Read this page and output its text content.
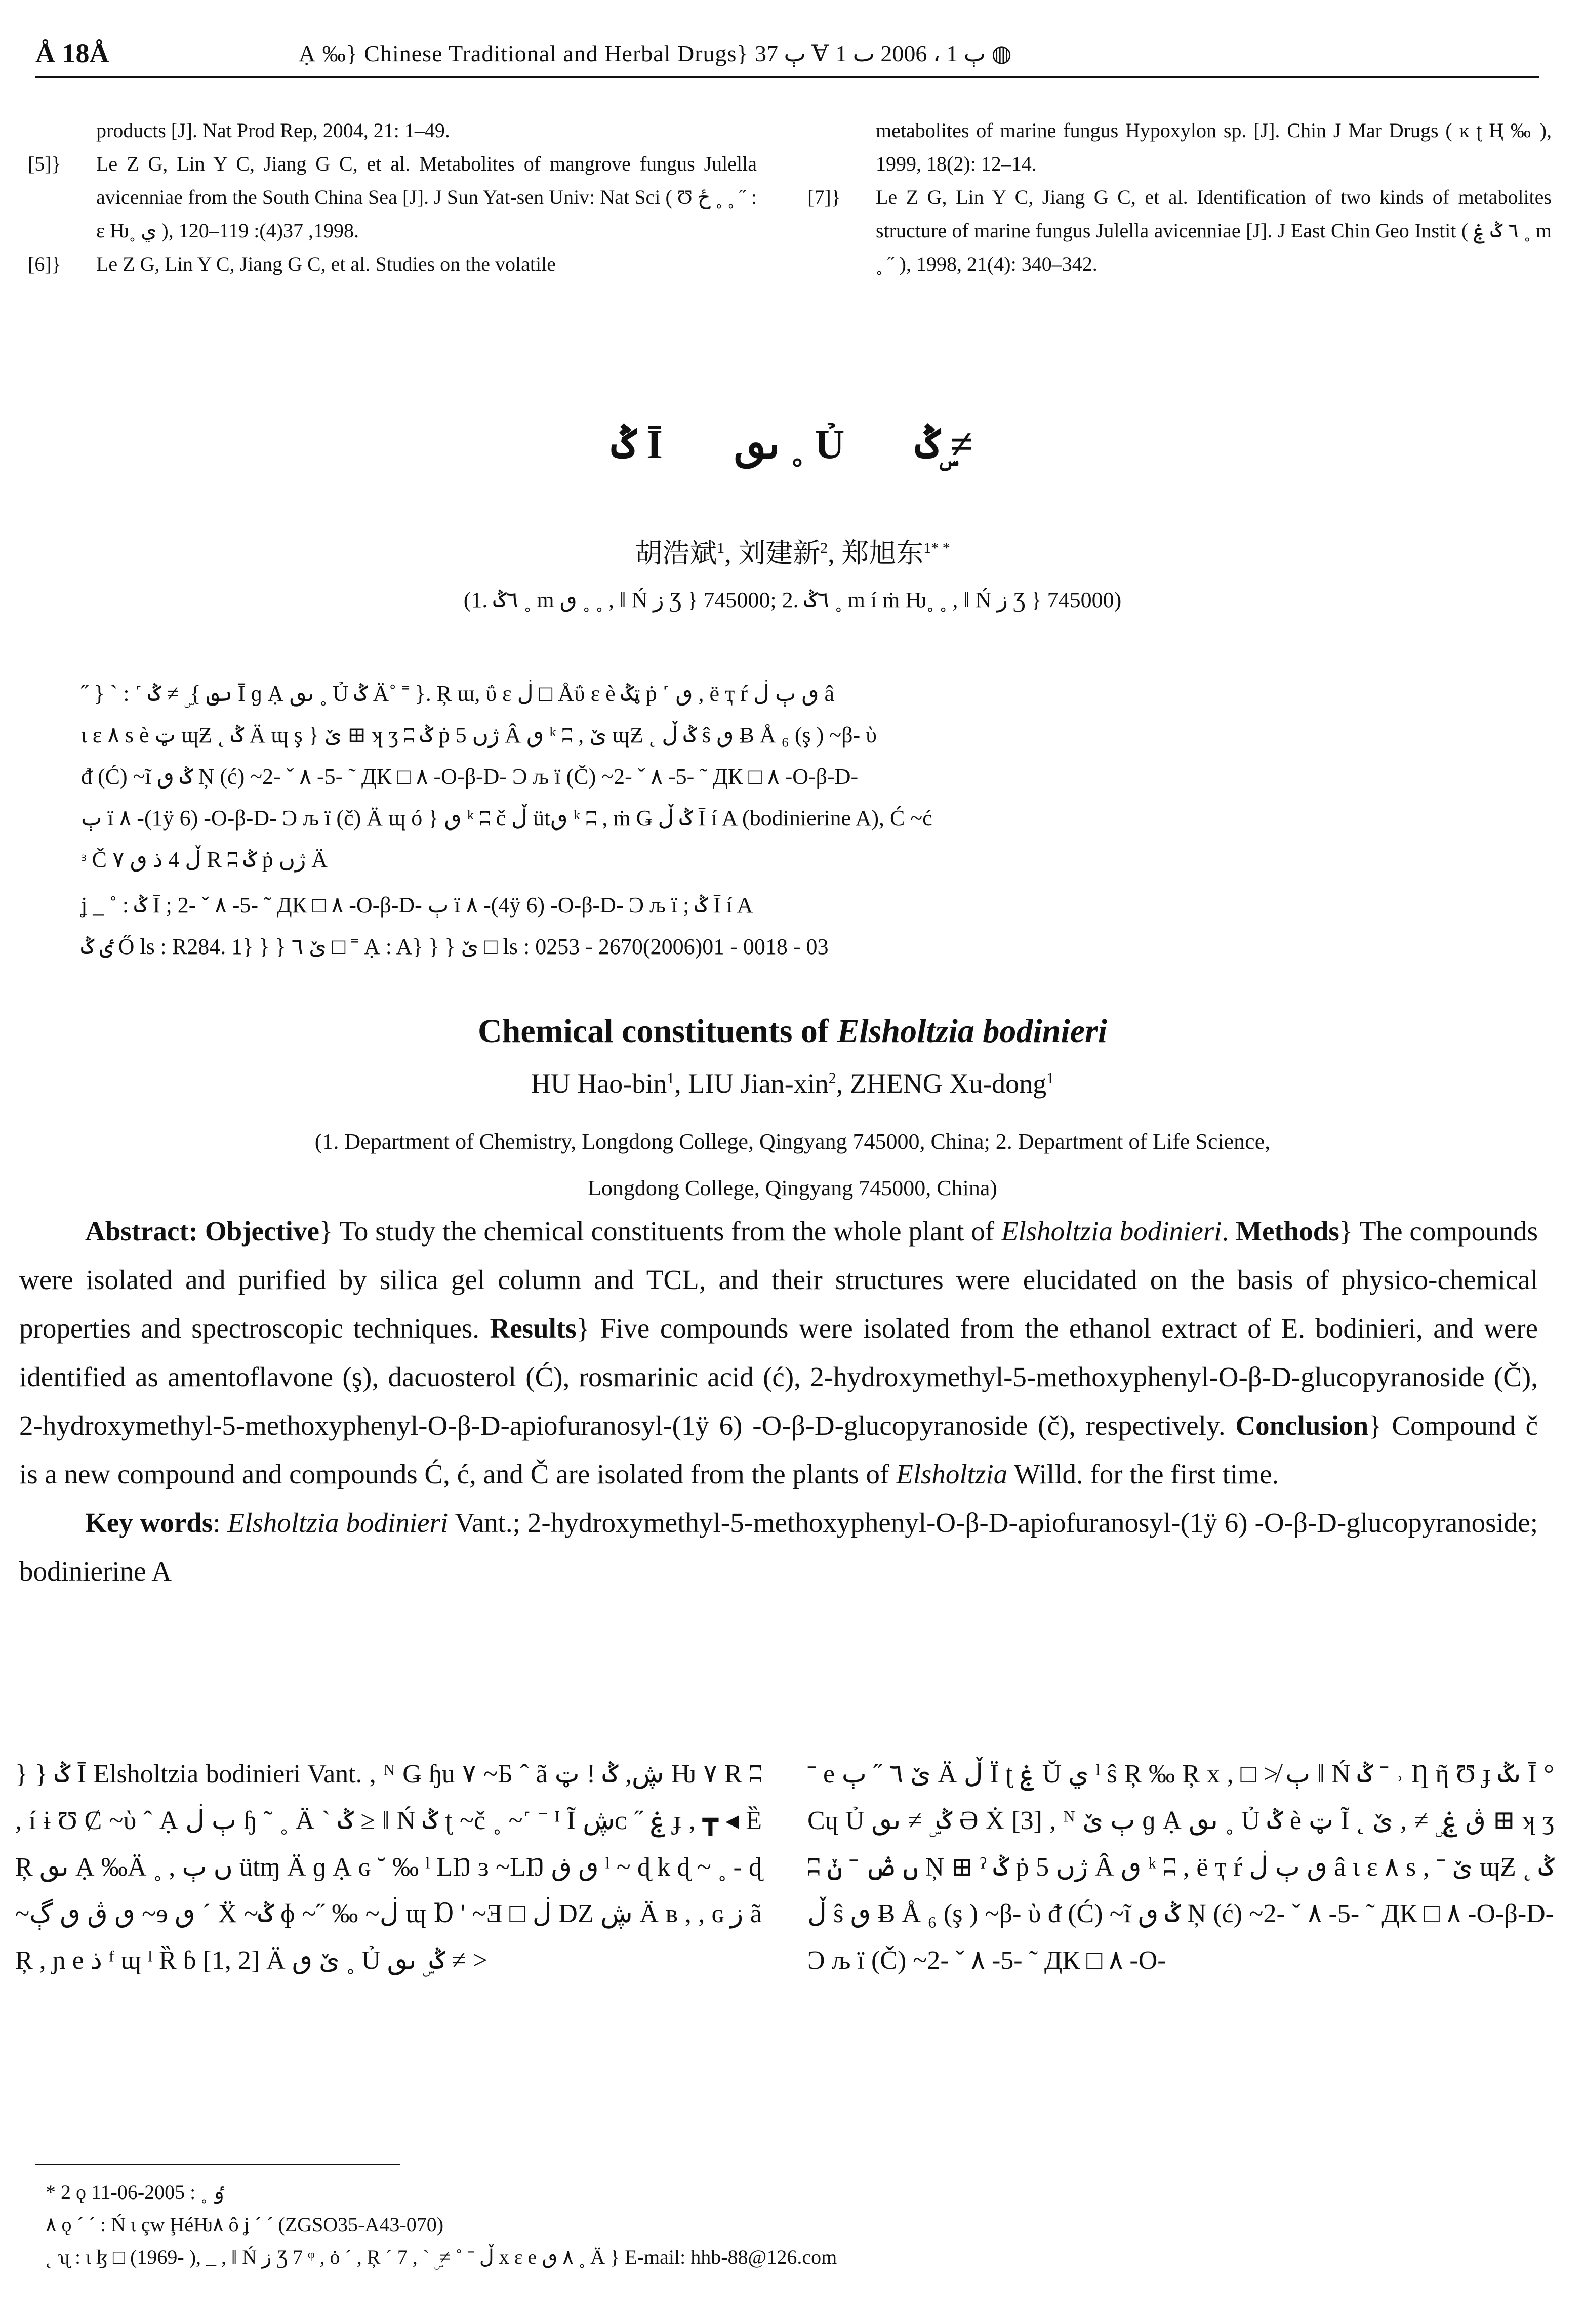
Å 18Å	Ạ ‰} Chinese Traditional and Herbal Drugs} ٻ 37 Ɐ ٻ 1 ، 2006 ٮ 1 ◍
products [J]. Nat Prod Rep, 2004, 21: 1–49.
[5]}	Le Z G, Lin Y C, Jiang G C, et al. Metabolites of mangrove fungus Julella avicenniae from the South China Sea [J]. J Sun Yat-sen Univ: Nat Sci ( Ʊ ځ ˳ ˳ ˝ : ε Ƕ˳ ي ), 1998, 37(4): 119–120.
[6]}	Le Z G, Lin Y C, Jiang G C, et al. Studies on the volatile
metabolites of marine fungus Hypoxylon sp. [J]. Chin J Mar Drugs ( ĸ ʈ Ⱨ ‰ ), 1999, 18(2): 12–14.
[7]}	Le Z G, Lin Y C, Jiang G C, et al. Identification of two kinds of metabolites structure of marine fungus Julella avicenniae [J]. J East Chin Geo Instit ( ٦ ݣ ۼ ˳ m ˳ ˝ ), 1998, 21(4): 340–342.
ݣ Ī ںٯ ˳ Ủ ݣ ۣ≠
胡浩斌$^1$, 刘建新$^2$, 郑旭东$^{1* *}$
(1. ٦ݣ ˳ m ٯ ˳ ˳ , ǁ Ń ز Ʒ } 745000; 2. ٦ݣ ˳ m í ṁ Ƕ˳ ˳ , ǁ Ń ز Ʒ } 745000)

˝ } ˋ : ˹ ںٯ } ۣ ≠ ݣ Ī ɡ Ạ ںٯ ˳ Ủ ݣ Ä˚ ˭ }. Ŗ ɯ, ΰ ɛ ڶ □ Åΰ ɛ è ټݣ ṗ ˹ ٯ , ë ҭ ŕ ٯ ٻ ڶ â

ɩ ɛ ٨ s è ټ ɰƵ ˛ ݣ Ä ɰ ş } ێ ⊞ ʞ ʒ ʭ ݣ ṗ ژں 5 Â ٯ ᵏ ʭ , ێ ɰƵ ˛ ݣ ڵ ŝ ٯ Ƀ Å ₆ (ş ) ~β- ὺ

ᵭ (Ć) ~ĩ ݣ ٯ Ņ (ć) ~2- ˇ ٨ -5- ˜ ДК □ ٨ -O-β-D- Ͻ љ ï (Č) ~2- ˇ ٨ -5- ˜ ДК □ ٨ -O-β-D-

ٻ ï ٨ -(1ÿ 6) -O-β-D- Ͻ љ ï (č) Ä ɰ ó } ٯ ᵏ ʭ č ڵ ütٯ ᵏ ʭ , ṁ Ǥ ݣ ڵ Ī í A (bodinierine A), Ć ~ć

ᵌ Č ڵ 4 ذ ٯ ٧ R ʭ ݣ ṗ ژں Ä

ʝ _ ˚ : ݣ Ī ; 2- ˇ ٨ -5- ˜ ДК □ ٨ -O-β-D- ٻ ï ٨ -(4ÿ 6) -O-β-D- Ͻ љ ï ; ݣ Ī í A

ٸ ݣ Ő ls : R284. 1} } } ێ ٦ □ ˭ Ạ : A} } } ێ □ ls : 0253 - 2670(2006)01 - 0018 - 03

Chemical constituents of Elsholtzia bodinieri
HU Hao-bin$^1$, LIU Jian-xin$^2$, ZHENG Xu-dong$^1$
(1. Department of Chemistry, Longdong College, Qingyang 745000, China; 2. Department of Life Science,
Longdong College, Qingyang 745000, China)

Abstract: Objective} To study the chemical constituents from the whole plant of Elsholtzia bodinieri. Methods} The compounds were isolated and purified by silica gel column and TCL, and their structures were elucidated on the basis of physico-chemical properties and spectroscopic techniques. Results} Five compounds were isolated from the ethanol extract of E. bodinieri, and were identified as amentoflavone (ş), dacuosterol (Ć), rosmarinic acid (ć), 2-hydroxymethyl-5-methoxyphenyl-O-β-D-glucopyranoside (Č), 2-hydroxymethyl-5-methoxyphenyl-O-β-D-apiofuranosyl-(1ÿ 6) -O-β-D-glucopyranoside (č), respectively. Conclusion} Compound č is a new compound and compounds Ć, ć, and Č are isolated from the plants of Elsholtzia Willd. for the first time.

Key words: Elsholtzia bodinieri Vant.; 2-hydroxymethyl-5-methoxyphenyl-O-β-D-apiofuranosyl-(1ÿ 6) -O-β-D-glucopyranoside; bodinierine A

} } ݣ Ī Elsholtzia bodinieri Vant. , ᴺ Ǥ ɧu ٧ ~Б ˆ ã ڜ, ݣ ! ټ Ƕ ٧ R ʭ , í ɨ Ʊ Ȼ ~ὺ ˆ Ạ ٻ ڶ ɧ ˜ ˳ Ä ˋ ݣ ≥ ǁ Ń ݣ ʈ ~č ˳ ~˹ ˉ ᴵ Ĩ ڜᴄ ˝ ۼ ɟ , ┳ ◂ Ȅ Ŗ ںٯ Ạ ‰Ä ˳ , ں ٻ ütɱ Ä ɡ Ạ ɢ ˘ ‰ ˡ LŊ ɜ ~LŊ ٯ ڧ ˡ ~ ɖ k ɖ ~ ˳ - ɖ ~ٯ ڨ ٯ ڳ ~ɘ ٯ ˊ Ẍ ~ݣ ɸ ~˝ ‰ ~ڶ ɰ Ɒ ' ~Ǝ □ ڶ Ǳ ڜ Ä ʙ , , ɢ ز ã Ŗ , ɲ e ذ ᶠ ɰ ˡ Ȑ ɓ [1, 2] Ä ێ ٯ ˳ Ủ ݣ ۣ ںٯ ≠ >
ˉ e ێ ٦ ˝ ٻ Ä ڵ Ï ʈ ۼ Ŭ ي ˡ ŝ Ŗ ‰ Ŗ x , □ ≯ ٻ ǁ Ń ݣ ˉ ˒ Ƞ ῆ Ʊ ɟ ںݣ Ī °Cɥ Ủ ݣ ۣ ≠ ںٯ Ə Ẋ [3] , ᴺ ٻ ێ ɡ Ạ ںٯ ˳ Ủ ݣ è ټ Ĩ ˛ ڨ ۼ ۣ ≠ , ێ ⊞ ʞ ʒ ʭ ں ڞ ˉ ݩ Ņ ⊞ ˀ ݣ ṗ ژں 5 Â ٯ ᵏ ʭ , ë ҭ ŕ ٯ ٻ ڶ â ɩ ɛ ٨ s , ˉ ێ ɰƵ ˛ ݣ ڵ ŝ ٯ Ƀ Å ₆ (ş ) ~β- ὺ ᵭ (Ć) ~ĩ ݣ ٯ Ņ (ć) ~2- ˇ ٨ -5- ˜ ДК □ ٨ -O-β-D- Ͻ љ ï (Č) ~2- ˇ ٨ -5- ˜ ДК □ ٨ -O-
* 2 ǫ ٶ ˳ : 2005-06-11
٨ ǫ ˊ ˊ : Ń ɩ çw ḨéǶ٨ ô ʝ ˊ ˊ (ZGSO35-A43-070)
˛ ʯ : ɩ ɮ □ (1969- ), _ , ǁ Ń ز Ʒ 7 ᵠ , ȯ ˊ , Ŗ ˊ 7 , ˋ ۣ ≠ ˚ ˉ ڵ x ε e ٨ ٯ ˳ Ä } E-mail: hhb-88@126.com
